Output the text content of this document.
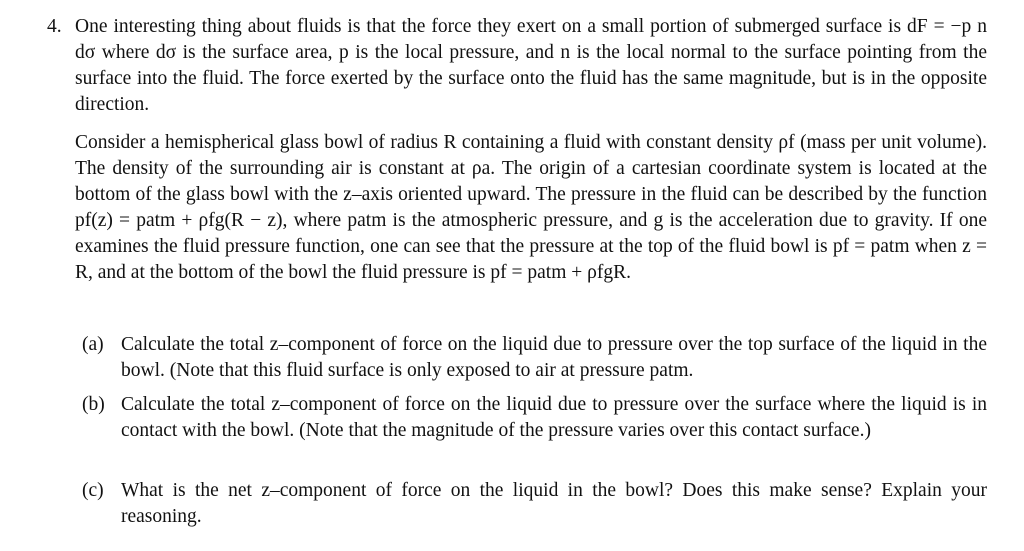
4. One interesting thing about fluids is that the force they exert on a small portion of submerged surface is dF = −p n dσ where dσ is the surface area, p is the local pressure, and n is the local normal to the surface pointing from the surface into the fluid. The force exerted by the surface onto the fluid has the same magnitude, but is in the opposite direction.
Consider a hemispherical glass bowl of radius R containing a fluid with constant density ρf (mass per unit volume). The density of the surrounding air is constant at ρa. The origin of a cartesian coordinate system is located at the bottom of the glass bowl with the z–axis oriented upward. The pressure in the fluid can be described by the function pf(z) = patm + ρfg(R − z), where patm is the atmospheric pressure, and g is the acceleration due to gravity. If one examines the fluid pressure function, one can see that the pressure at the top of the fluid bowl is pf = patm when z = R, and at the bottom of the bowl the fluid pressure is pf = patm + ρfgR.
(a) Calculate the total z–component of force on the liquid due to pressure over the top surface of the liquid in the bowl. (Note that this fluid surface is only exposed to air at pressure patm.
(b) Calculate the total z–component of force on the liquid due to pressure over the surface where the liquid is in contact with the bowl. (Note that the magnitude of the pressure varies over this contact surface.)
(c) What is the net z–component of force on the liquid in the bowl? Does this make sense? Explain your reasoning.
